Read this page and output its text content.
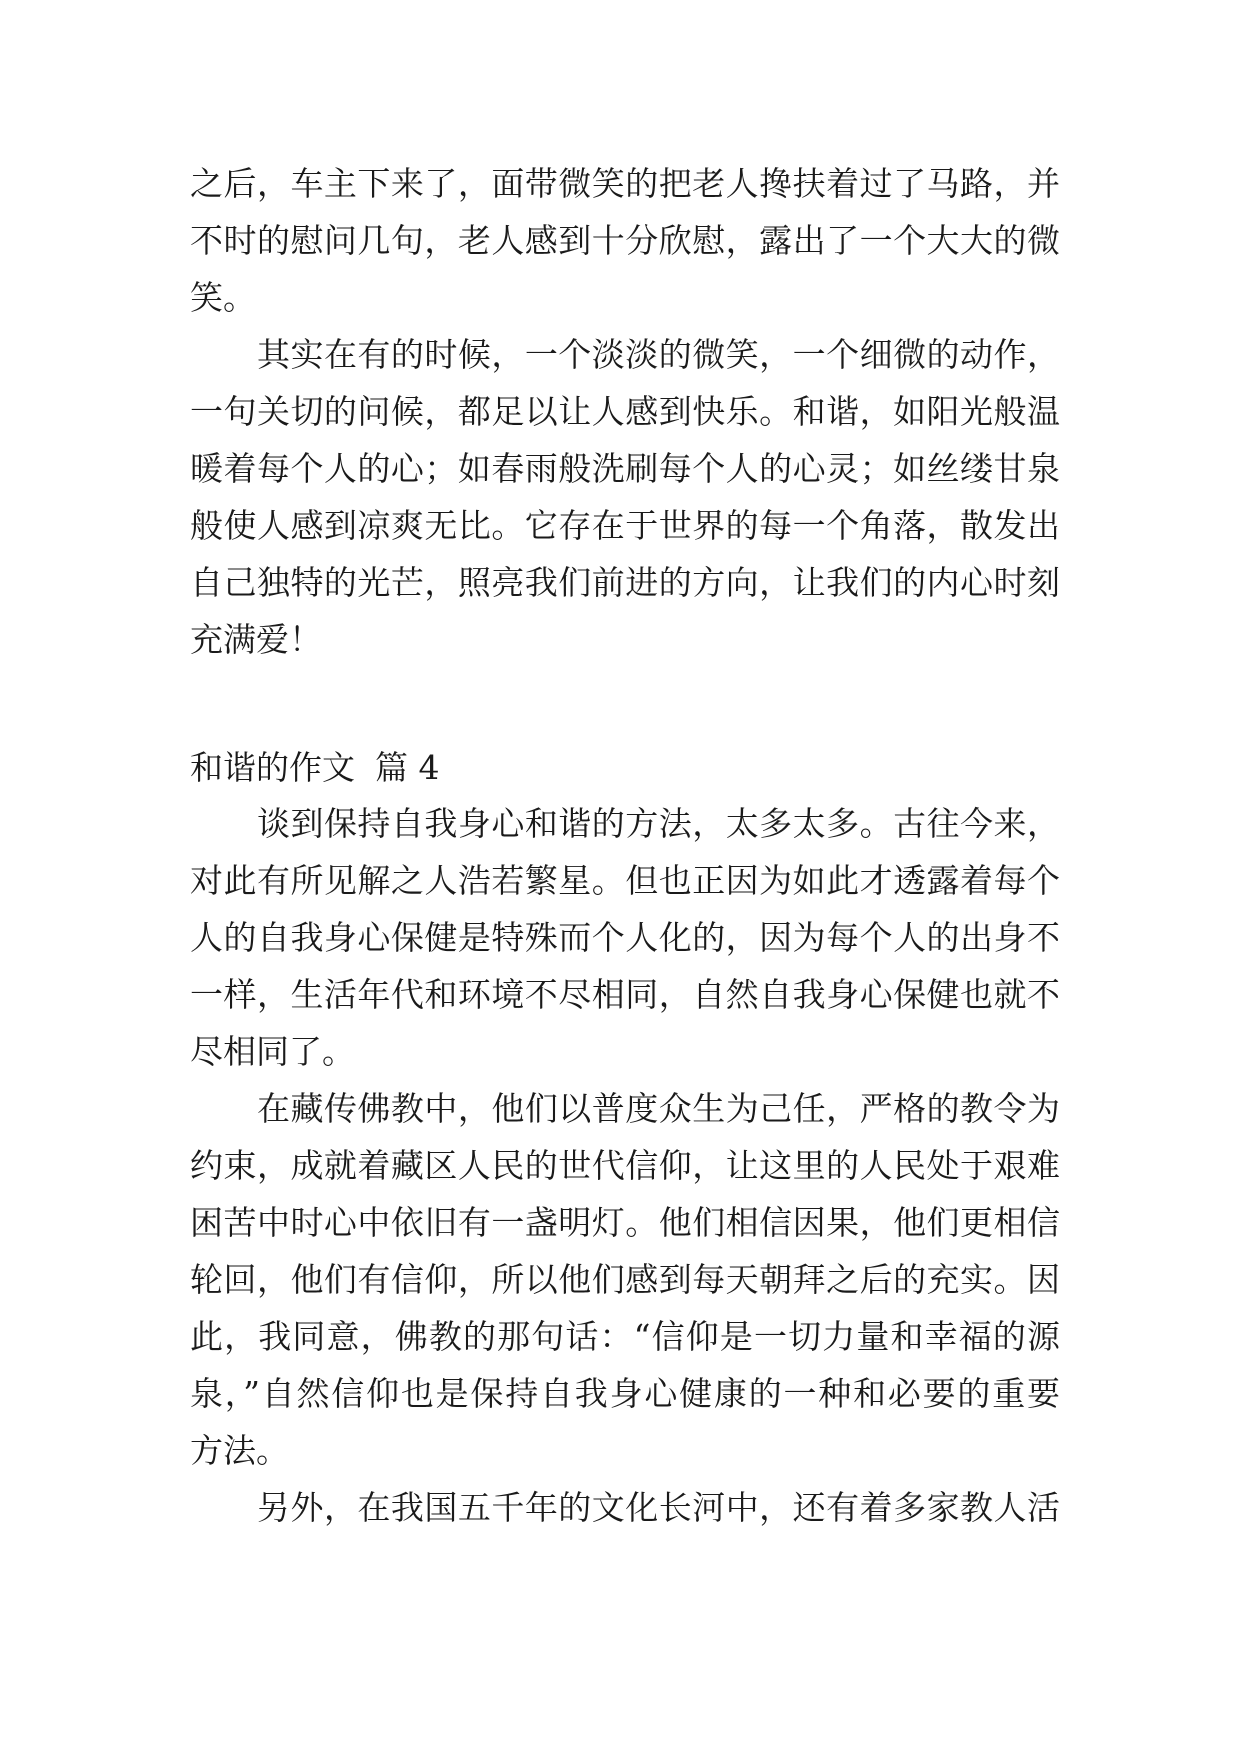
之后，车主下来了，面带微笑的把老人搀扶着过了马路，并
不时的慰问几句，老人感到十分欣慰，露出了一个大大的微
笑。
其实在有的时候，一个淡淡的微笑，一个细微的动作，
一句关切的问候，都足以让人感到快乐。和谐，如阳光般温
暖着每个人的心；如春雨般洗刷每个人的心灵；如丝缕甘泉
般使人感到凉爽无比。它存在于世界的每一个角落，散发出
自己独特的光芒，照亮我们前进的方向，让我们的内心时刻
充满爱！
和谐的作文 篇 4
谈到保持自我身心和谐的方法，太多太多。古往今来，
对此有所见解之人浩若繁星。但也正因为如此才透露着每个
人的自我身心保健是特殊而个人化的，因为每个人的出身不
一样，生活年代和环境不尽相同，自然自我身心保健也就不
尽相同了。
在藏传佛教中，他们以普度众生为己任，严格的教令为
约束，成就着藏区人民的世代信仰，让这里的人民处于艰难
困苦中时心中依旧有一盏明灯。他们相信因果，他们更相信
轮回，他们有信仰，所以他们感到每天朝拜之后的充实。因
此，我同意，佛教的那句话：“信仰是一切力量和幸福的源
泉，”自然信仰也是保持自我身心健康的一种和必要的重要
方法。
另外，在我国五千年的文化长河中，还有着多家教人活
